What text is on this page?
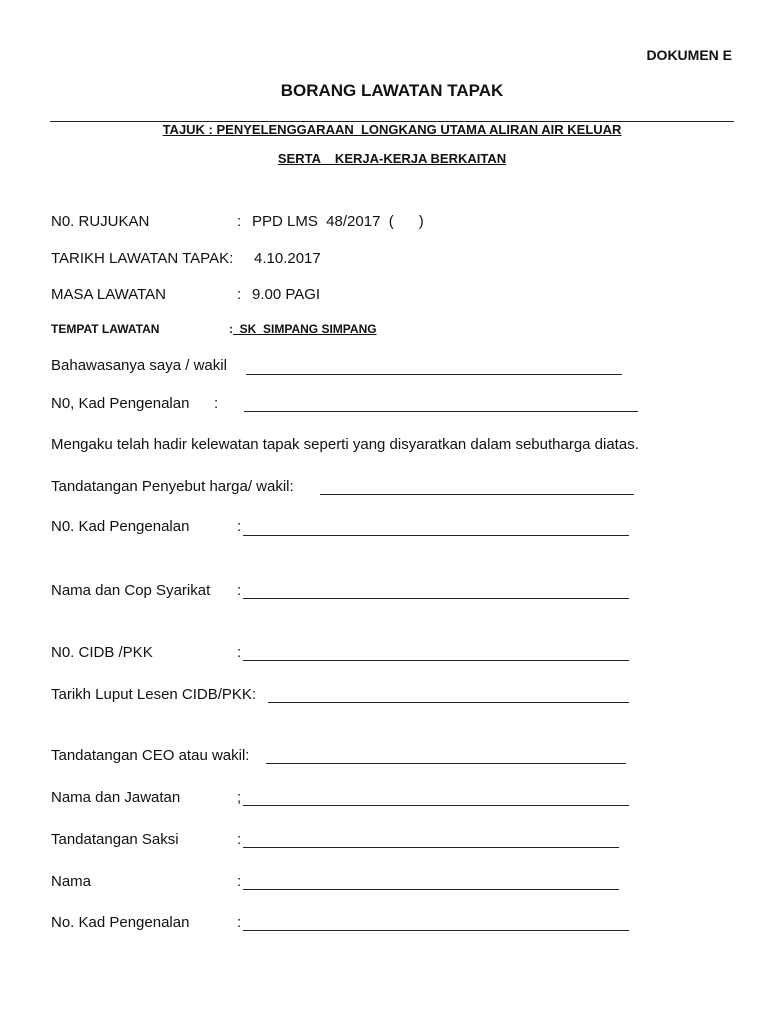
DOKUMEN E
BORANG LAWATAN TAPAK
TAJUK : PENYELENGGARAAN  LONGKANG UTAMA ALIRAN AIR KELUAR
SERTA    KERJA-KERJA BERKAITAN
N0. RUJUKAN	: PPD LMS  48/2017  (      )
TARIKH LAWATAN TAPAK: 4.10.2017
MASA LAWATAN	: 9.00 PAGI
TEMPAT LAWATAN	: _SK  SIMPANG SIMPANG
Bahawasanya saya / wakil
N0, Kad Pengenalan :
Mengaku telah hadir kelewatan tapak seperti yang disyaratkan dalam sebutharga diatas.
Tandatangan Penyebut harga/ wakil:
N0. Kad Pengenalan	:
Nama dan Cop Syarikat :
N0. CIDB /PKK	:
Tarikh Luput Lesen CIDB/PKK:
Tandatangan CEO atau wakil:
Nama dan Jawatan	;
Tandatangan Saksi	:
Nama	:
No. Kad Pengenalan	:
